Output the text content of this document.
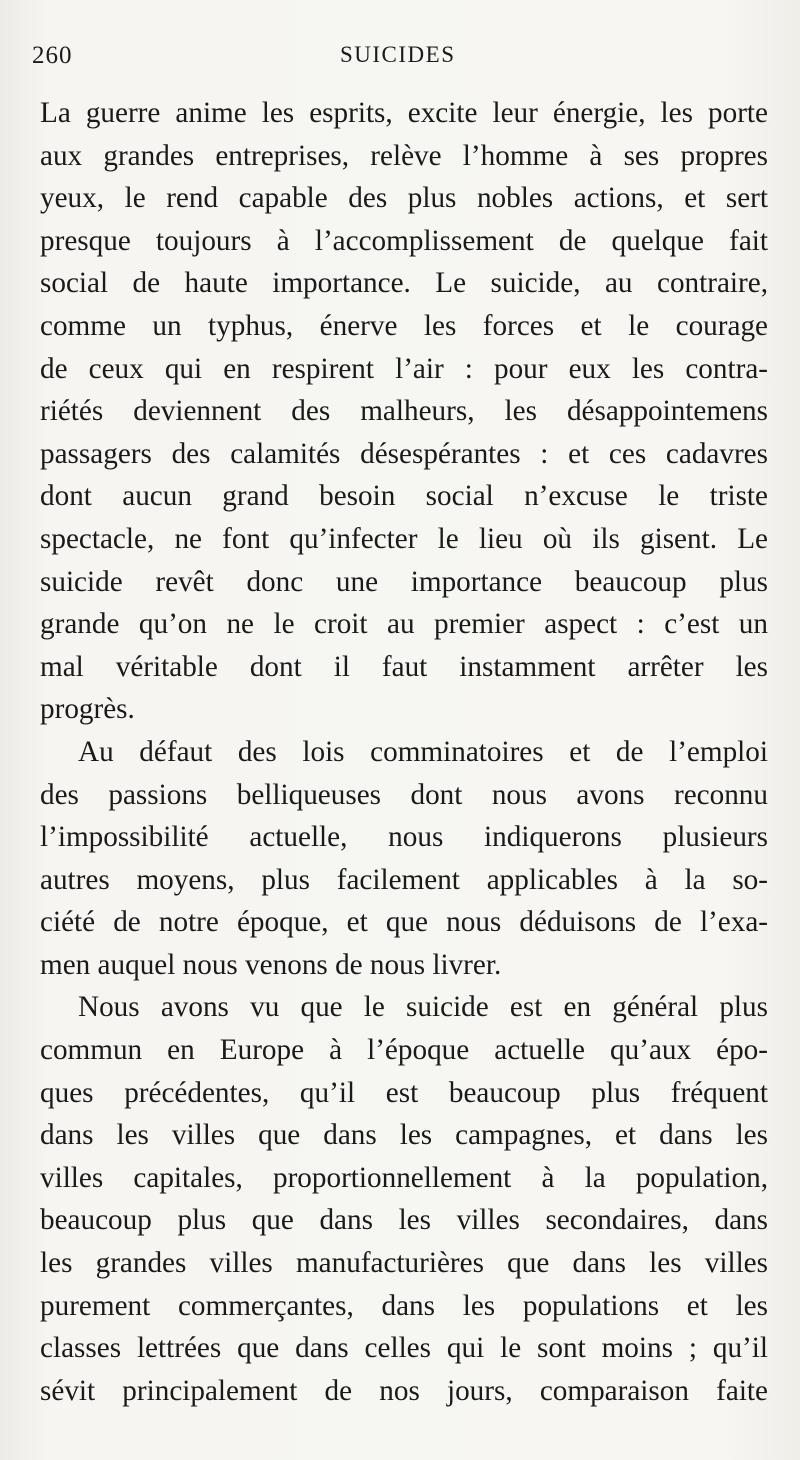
260	SUICIDES
La guerre anime les esprits, excite leur énergie, les porte
aux grandes entreprises, relève l’homme à ses propres
yeux, le rend capable des plus nobles actions, et sert
presque toujours à l’accomplissement de quelque fait
social de haute importance. Le suicide, au contraire,
comme un typhus, énerve les forces et le courage
de ceux qui en respirent l’air : pour eux les contra-
riétés deviennent des malheurs, les désappointemens
passagers des calamités désespérantes : et ces cadavres
dont aucun grand besoin social n’excuse le triste
spectacle, ne font qu’infecter le lieu où ils gisent. Le
suicide revêt donc une importance beaucoup plus
grande qu’on ne le croit au premier aspect : c’est un
mal véritable dont il faut instamment arrêter les
progrès.
Au défaut des lois comminatoires et de l’emploi
des passions belliqueuses dont nous avons reconnu
l’impossibilité actuelle, nous indiquerons plusieurs
autres moyens, plus facilement applicables à la so-
ciété de notre époque, et que nous déduisons de l’exa-
men auquel nous venons de nous livrer.
Nous avons vu que le suicide est en général plus
commun en Europe à l’époque actuelle qu’aux épo-
ques précédentes, qu’il est beaucoup plus fréquent
dans les villes que dans les campagnes, et dans les
villes capitales, proportionnellement à la population,
beaucoup plus que dans les villes secondaires, dans
les grandes villes manufacturières que dans les villes
purement commerçantes, dans les populations et les
classes lettrées que dans celles qui le sont moins ; qu’il
sévit principalement de nos jours, comparaison faite
